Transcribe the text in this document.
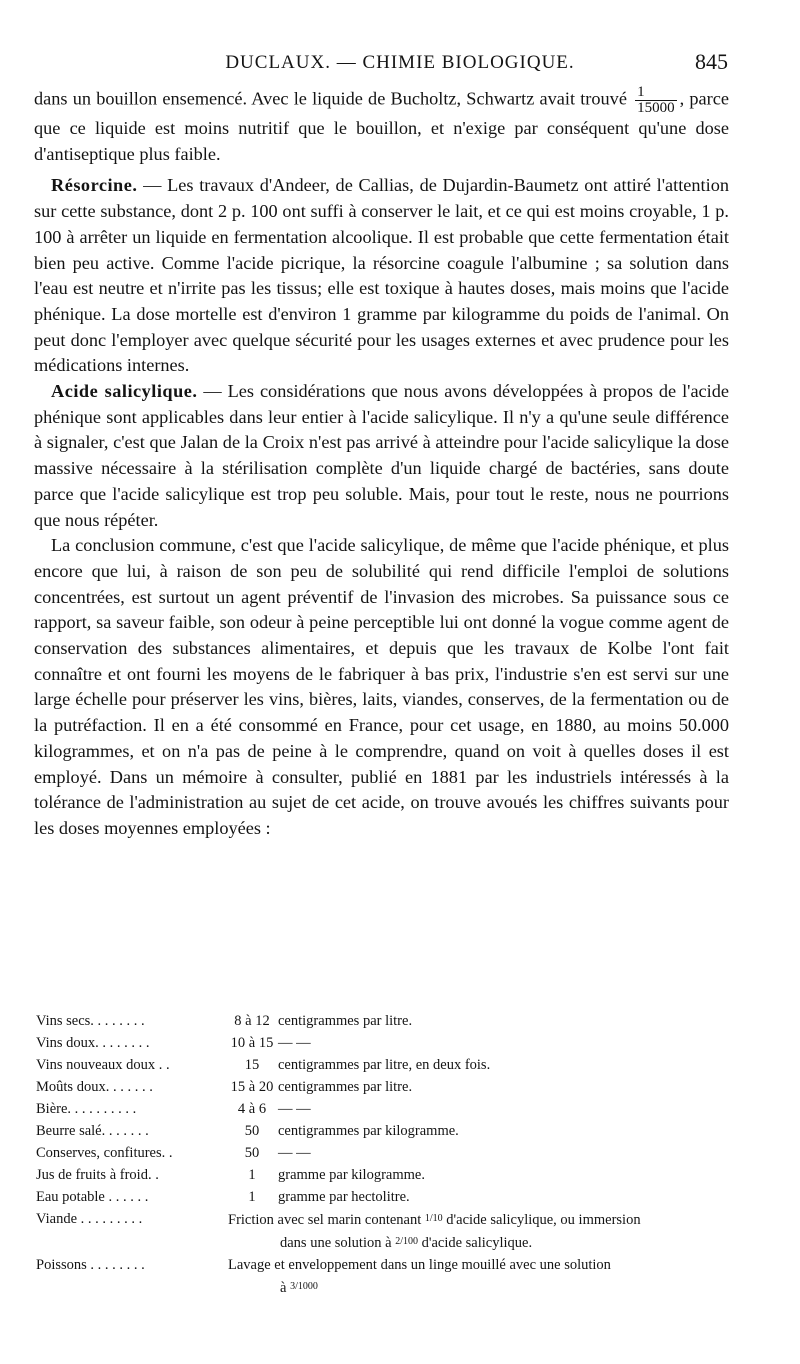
DUCLAUX. — CHIMIE BIOLOGIQUE.	845

dans un bouillon ensemencé. Avec le liquide de Bucholtz, Schwartz avait trouvé $\frac{1}{15000}$ , parce que ce liquide est moins nutritif que le bouillon, et n'exige par conséquent qu'une dose d'antiseptique plus faible.

Résorcine. — Les travaux d'Andeer, de Callias, de Dujardin-Baumetz ont attiré l'attention sur cette substance, dont 2 p. 100 ont suffi à conserver le lait, et ce qui est moins croyable, 1 p. 100 à arrêter un liquide en fermentation alcoolique. Il est probable que cette fermentation était bien peu active. Comme l'acide picrique, la résorcine coagule l'albumine ; sa solution dans l'eau est neutre et n'irrite pas les tissus; elle est toxique à hautes doses, mais moins que l'acide phénique. La dose mortelle est d'environ 1 gramme par kilogramme du poids de l'animal. On peut donc l'employer avec quelque sécurité pour les usages externes et avec prudence pour les médications internes.

Acide salicylique. — Les considérations que nous avons développées à propos de l'acide phénique sont applicables dans leur entier à l'acide salicylique. Il n'y a qu'une seule différence à signaler, c'est que Jalan de la Croix n'est pas arrivé à atteindre pour l'acide salicylique la dose massive nécessaire à la stérilisation complète d'un liquide chargé de bactéries, sans doute parce que l'acide salicylique est trop peu soluble. Mais, pour tout le reste, nous ne pourrions que nous répéter.

La conclusion commune, c'est que l'acide salicylique, de même que l'acide phénique, et plus encore que lui, à raison de son peu de solubilité qui rend difficile l'emploi de solutions concentrées, est surtout un agent préventif de l'invasion des microbes. Sa puissance sous ce rapport, sa saveur faible, son odeur à peine perceptible lui ont donné la vogue comme agent de conservation des substances alimentaires, et depuis que les travaux de Kolbe l'ont fait connaître et ont fourni les moyens de le fabriquer à bas prix, l'industrie s'en est servi sur une large échelle pour préserver les vins, bières, laits, viandes, conserves, de la fermentation ou de la putréfaction. Il en a été consommé en France, pour cet usage, en 1880, au moins 50.000 kilogrammes, et on n'a pas de peine à le comprendre, quand on voit à quelles doses il est employé. Dans un mémoire à consulter, publié en 1881 par les industriels intéressés à la tolérance de l'administration au sujet de cet acide, on trouve avoués les chiffres suivants pour les doses moyennes employées :

Vins secs. . . . . . . .	8 à 12	centigrammes par litre.
Vins doux. . . . . . . .	10 à 15	— —
Vins nouveaux doux . .	15	centigrammes par litre, en deux fois.
Moûts doux. . . . . . .	15 à 20	centigrammes par litre.
Bière. . . . . . . . . .	4 à 6	— —
Beurre salé. . . . . . .	50	centigrammes par kilogramme.
Conserves, confitures. .	50	— —
Jus de fruits à froid. .	1	gramme par kilogramme.
Eau potable . . . . . .	1	gramme par hectolitre.
Viande . . . . . . . . .	Friction avec sel marin contenant $^{1/10}$ d'acide salicylique, ou immersion
dans une solution à $^{2/100}$ d'acide salicylique.	

Poissons . . . . . . . .	Lavage et enveloppement dans un linge mouillé avec une solution
à $^{3/1000}$
